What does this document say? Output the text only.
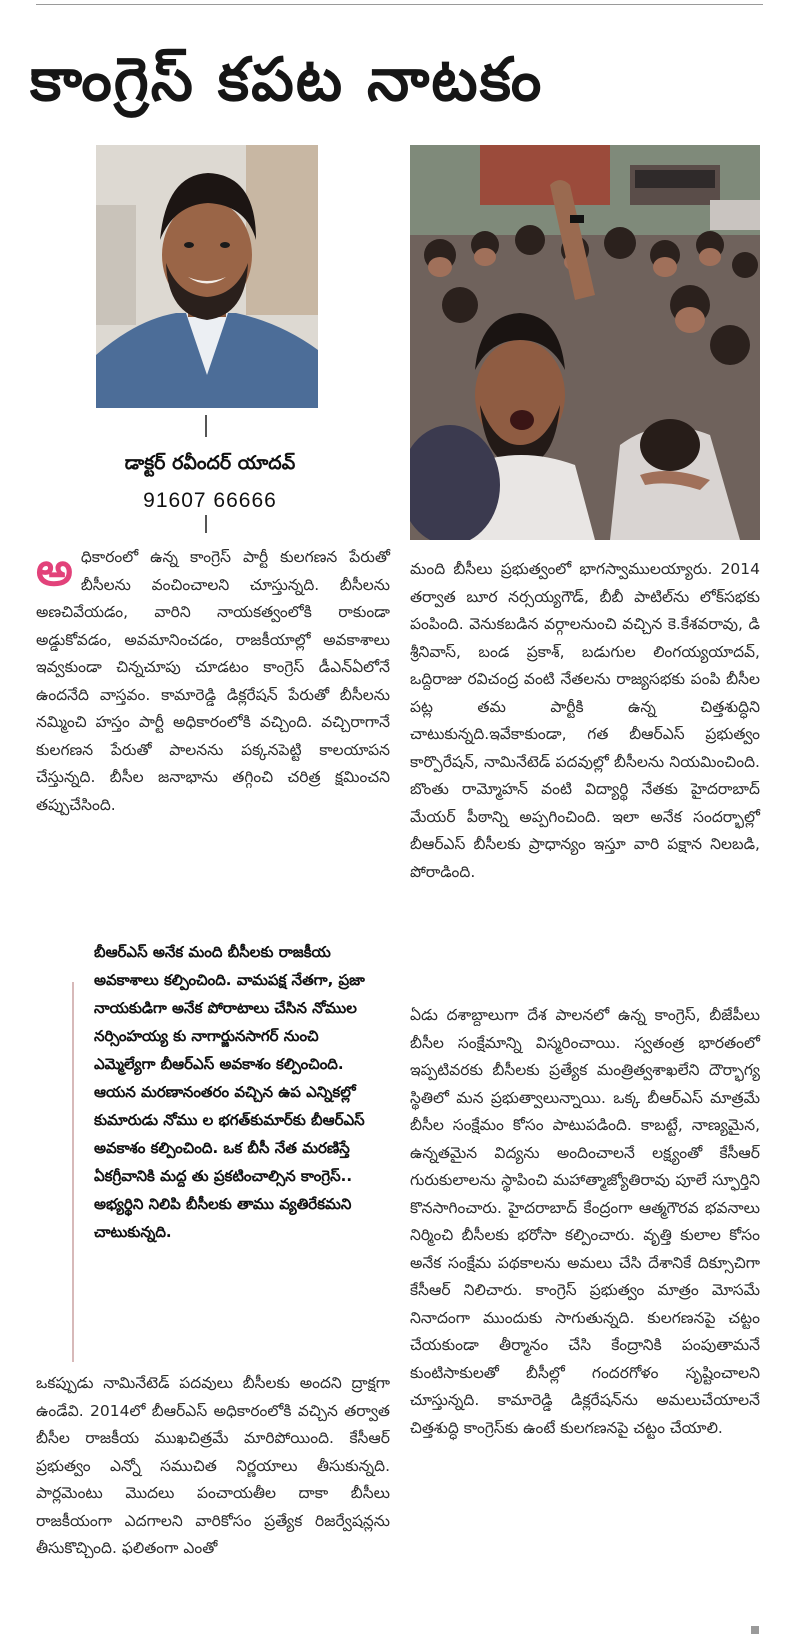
కాంగ్రెస్ కపట నాటకం
డాక్టర్ రవీందర్ యాదవ్
91607 66666
అ ధికారంలో ఉన్న కాంగ్రెస్ పార్టీ కులగణన పేరుతో బీసీలను వంచించాలని చూస్తున్నది. బీసీలను అణచివేయడం, వారిని నాయకత్వంలోకి రాకుండా అడ్డుకోవడం, అవమానించడం, రాజకీయాల్లో అవకాశాలు ఇవ్వకుండా చిన్నచూపు చూడటం కాంగ్రెస్ డీఎన్ఏలోనే ఉందనేది వాస్తవం. కామారెడ్డి డిక్లరేషన్ పేరుతో బీసీలను నమ్మించి హస్తం పార్టీ అధికారంలోకి వచ్చింది. వచ్చిరాగానే కులగణన పేరుతో పాలనను పక్కనపెట్టి కాలయాపన చేస్తున్నది. బీసీల జనాభాను తగ్గించి చరిత్ర క్షమించని తప్పుచేసింది.

బీఆర్ఎస్ అనేక మంది బీసీలకు రాజకీయ అవకాశాలు కల్పించింది. వామపక్ష నేతగా, ప్రజా నాయకుడిగా అనేక పోరాటాలు చేసిన నోముల నర్సింహయ్య కు నాగార్జునసాగర్ నుంచి ఎమ్మెల్యేగా బీఆర్ఎస్ అవకాశం కల్పించింది. ఆయన మరణానంతరం వచ్చిన ఉప ఎన్నికల్లో కుమారుడు నోము ల భగత్‌కుమార్‌కు బీఆర్ఎస్ అవకాశం కల్పించింది. ఒక బీసీ నేత మరణిస్తే ఏకగ్రీవానికి మద్ద తు ప్రకటించాల్సిన కాంగ్రెస్.. అభ్యర్థిని నిలిపి బీసీలకు తాము వ్యతిరేకమని చాటుకున్నది.

ఒకప్పుడు నామినేటెడ్ పదవులు బీసీలకు అందని ద్రాక్షగా ఉండేవి. 2014లో బీఆర్ఎస్ అధికారంలోకి వచ్చిన తర్వాత బీసీల రాజకీయ ముఖచిత్రమే మారిపోయింది. కేసీఆర్ ప్రభుత్వం ఎన్నో సముచిత నిర్ణయాలు తీసుకున్నది. పార్లమెంటు మొదలు పంచాయతీల దాకా బీసీలు రాజకీయంగా ఎదగాలని వారికోసం ప్రత్యేక రిజర్వేషన్లను తీసుకొచ్చింది. ఫలితంగా ఎంతో

మంది బీసీలు ప్రభుత్వంలో భాగస్వాములయ్యారు. 2014 తర్వాత బూర నర్సయ్యగౌడ్, బీబీ పాటిల్‌ను లోక్‌సభకు పంపింది. వెనుకబడిన వర్గాలనుంచి వచ్చిన కె.కేశవరావు, డి శ్రీనివాస్, బండ ప్రకాశ్, బడుగుల లింగయ్యయాదవ్, ఒద్దిరాజు రవిచంద్ర వంటి నేతలను రాజ్యసభకు పంపి బీసీల పట్ల తమ పార్టీకి ఉన్న చిత్తశుద్ధిని చాటుకున్నది.ఇవేకాకుండా, గత బీఆర్ఎస్ ప్రభుత్వం కార్పొరేషన్, నామినేటెడ్ పదవుల్లో బీసీలను నియమించింది. బొంతు రామ్మోహన్ వంటి విద్యార్థి నేతకు హైదరాబాద్ మేయర్ పీఠాన్ని అప్పగించింది. ఇలా అనేక సందర్భాల్లో బీఆర్ఎస్ బీసీలకు ప్రాధాన్యం ఇస్తూ వారి పక్షాన నిలబడి, పోరాడింది.

ఏడు దశాబ్దాలుగా దేశ పాలనలో ఉన్న కాంగ్రెస్, బీజేపీలు బీసీల సంక్షేమాన్ని విస్మరించాయి. స్వతంత్ర భారతంలో ఇప్పటివరకు బీసీలకు ప్రత్యేక మంత్రిత్వశాఖలేని దౌర్భాగ్య స్థితిలో మన ప్రభుత్వాలున్నాయి. ఒక్క బీఆర్ఎస్ మాత్రమే బీసీల సంక్షేమం కోసం పాటుపడింది. కాబట్టే, నాణ్యమైన, ఉన్నతమైన విద్యను అందించాలనే లక్ష్యంతో కేసీఆర్ గురుకులాలను స్థాపించి మహాత్మాజ్యోతిరావు పూలే స్ఫూర్తిని కొనసాగించారు. హైదరాబాద్ కేంద్రంగా ఆత్మగౌరవ భవనాలు నిర్మించి బీసీలకు భరోసా కల్పించారు. వృత్తి కులాల కోసం అనేక సంక్షేమ పథకాలను అమలు చేసి దేశానికే దిక్సూచిగా కేసీఆర్ నిలిచారు. కాంగ్రెస్ ప్రభుత్వం మాత్రం మోసమే నినాదంగా ముందుకు సాగుతున్నది. కులగణనపై చట్టం చేయకుండా తీర్మానం చేసి కేంద్రానికి పంపుతామనే కుంటిసాకులతో బీసీల్లో గందరగోళం సృష్టించాలని చూస్తున్నది. కామారెడ్డి డిక్లరేషన్‌ను అమలుచేయాలనే చిత్తశుద్ధి కాంగ్రెస్‌కు ఉంటే కులగణనపై చట్టం చేయాలి.
